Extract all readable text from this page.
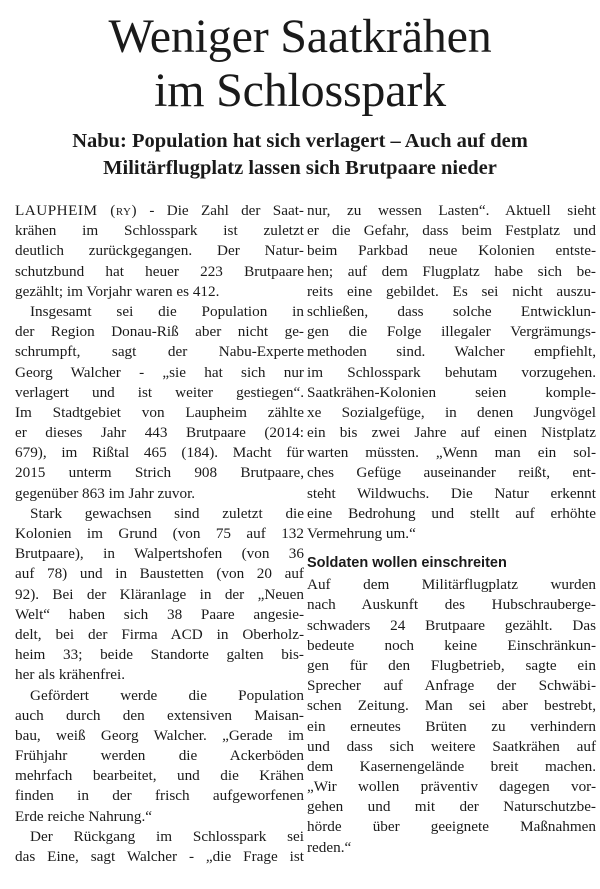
Weniger Saatkrähen
im Schlosspark
Nabu: Population hat sich verlagert – Auch auf dem
Militärflugplatz lassen sich Brutpaare nieder
LAUPHEIM (ry) - Die Zahl der Saat-
krähen im Schlosspark ist zuletzt
deutlich zurückgegangen. Der Natur-
schutzbund hat heuer 223 Brutpaare
gezählt; im Vorjahr waren es 412.
Insgesamt sei die Population in
der Region Donau-Riß aber nicht ge-
schrumpft, sagt der Nabu-Experte
Georg Walcher - „sie hat sich nur
verlagert und ist weiter gestiegen“.
Im Stadtgebiet von Laupheim zählte
er dieses Jahr 443 Brutpaare (2014:
679), im Rißtal 465 (184). Macht für
2015 unterm Strich 908 Brutpaare,
gegenüber 863 im Jahr zuvor.
Stark gewachsen sind zuletzt die
Kolonien im Grund (von 75 auf 132
Brutpaare), in Walpertshofen (von 36
auf 78) und in Baustetten (von 20 auf
92). Bei der Kläranlage in der „Neuen
Welt“ haben sich 38 Paare angesie-
delt, bei der Firma ACD in Oberholz-
heim 33; beide Standorte galten bis-
her als krähenfrei.
Gefördert werde die Population
auch durch den extensiven Maisan-
bau, weiß Georg Walcher. „Gerade im
Frühjahr werden die Ackerböden
mehrfach bearbeitet, und die Krähen
finden in der frisch aufgeworfenen
Erde reiche Nahrung.“
Der Rückgang im Schlosspark sei
das Eine, sagt Walcher - „die Frage ist
nur, zu wessen Lasten“. Aktuell sieht
er die Gefahr, dass beim Festplatz und
beim Parkbad neue Kolonien entste-
hen; auf dem Flugplatz habe sich be-
reits eine gebildet. Es sei nicht auszu-
schließen, dass solche Entwicklun-
gen die Folge illegaler Vergrämungs-
methoden sind. Walcher empfiehlt,
im Schlosspark behutam vorzugehen.
Saatkrähen-Kolonien seien komple-
xe Sozialgefüge, in denen Jungvögel
ein bis zwei Jahre auf einen Nistplatz
warten müssten. „Wenn man ein sol-
ches Gefüge auseinander reißt, ent-
steht Wildwuchs. Die Natur erkennt
eine Bedrohung und stellt auf erhöhte
Vermehrung um.“
Soldaten wollen einschreiten
Auf dem Militärflugplatz wurden
nach Auskunft des Hubschrauberge-
schwaders 24 Brutpaare gezählt. Das
bedeute noch keine Einschränkun-
gen für den Flugbetrieb, sagte ein
Sprecher auf Anfrage der Schwäbi-
schen Zeitung. Man sei aber bestrebt,
ein erneutes Brüten zu verhindern
und dass sich weitere Saatkrähen auf
dem Kasernengelände breit machen.
„Wir wollen präventiv dagegen vor-
gehen und mit der Naturschutzbe-
hörde über geeignete Maßnahmen
reden.“
